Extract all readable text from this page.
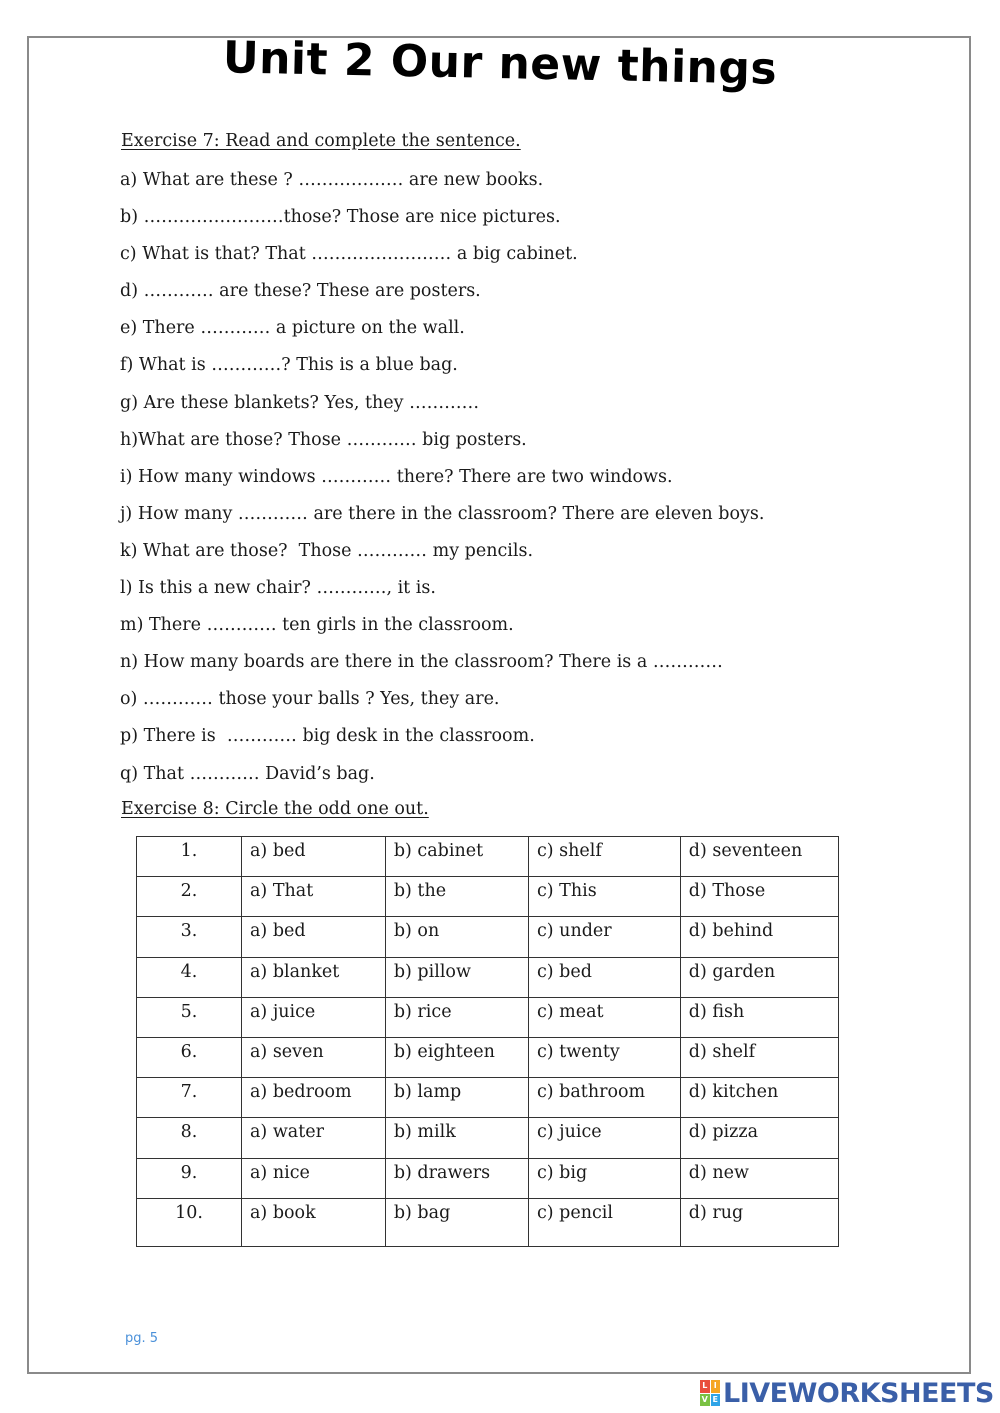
Unit 2 Our new things
Exercise 7: Read and complete the sentence.
a) What are these ? ……………… are new books.
b) ……………………those? Those are nice pictures.
c) What is that? That …………………… a big cabinet.
d) ………… are these? These are posters.
e) There ………… a picture on the wall.
f) What is …………? This is a blue bag.
g) Are these blankets? Yes, they …………
h)What are those? Those ………… big posters.
i) How many windows ………… there? There are two windows.
j) How many ………… are there in the classroom? There are eleven boys.
k) What are those?  Those ………… my pencils.
l) Is this a new chair? …………, it is.
m) There ………… ten girls in the classroom.
n) How many boards are there in the classroom? There is a …………
o) ………… those your balls ? Yes, they are.
p) There is  ………… big desk in the classroom.
q) That ………… David’s bag.
Exercise 8: Circle the odd one out.
1.	a) bed	b) cabinet	c) shelf	d) seventeen
2.	a) That	b) the	c) This	d) Those
3.	a) bed	b) on	c) under	d) behind
4.	a) blanket	b) pillow	c) bed	d) garden
5.	a) juice	b) rice	c) meat	d) fish
6.	a) seven	b) eighteen	c) twenty	d) shelf
7.	a) bedroom	b) lamp	c) bathroom	d) kitchen
8.	a) water	b) milk	c) juice	d) pizza
9.	a) nice	b) drawers	c) big	d) new
10.	a) book	b) bag	c) pencil	d) rug
pg. 5
L I
V E LIVEWORKSHEETS
